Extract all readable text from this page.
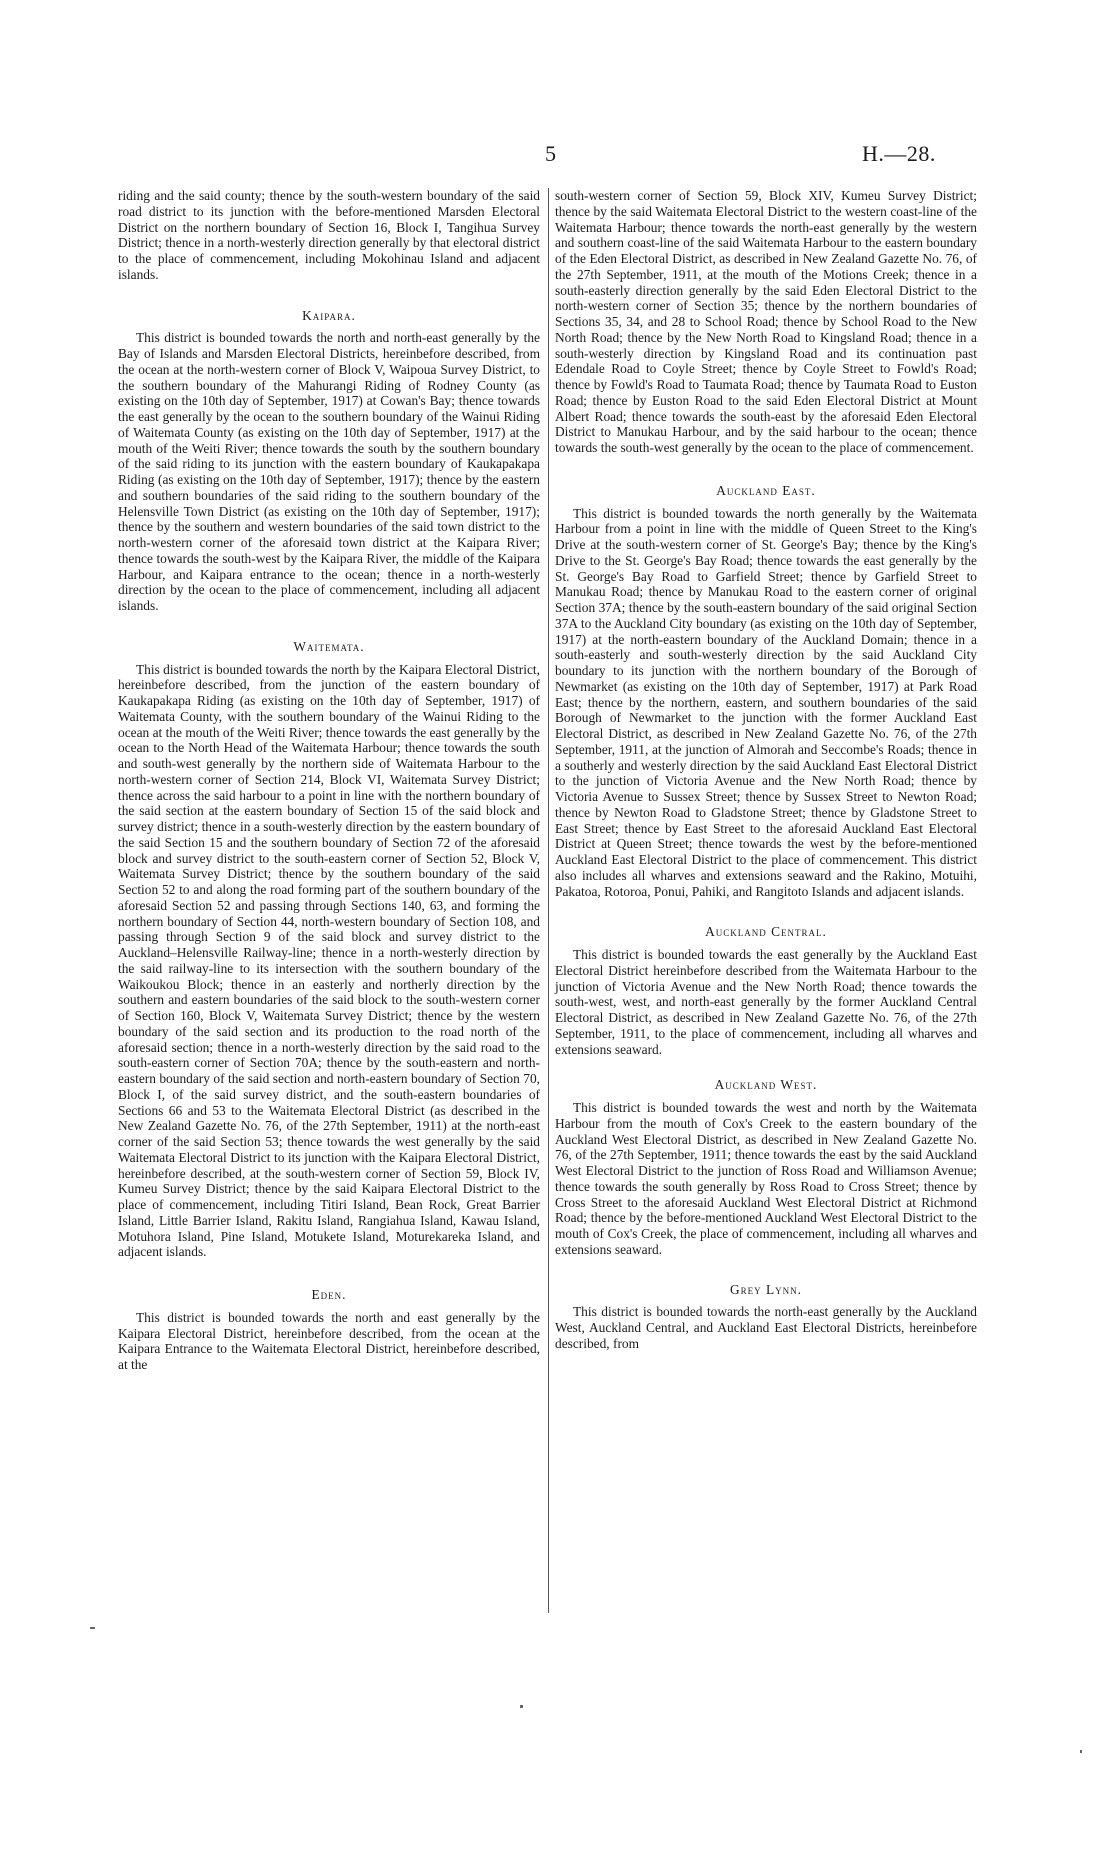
5	H.—28.

riding and the said county; thence by the south-western boundary of the said road district to its junction with the before-mentioned Marsden Electoral District on the northern boundary of Section 16, Block I, Tangihua Survey District; thence in a north-westerly direction generally by that electoral district to the place of commencement, including Mokohinau Island and adjacent islands.

Kaipara.

This district is bounded towards the north and north-east generally by the Bay of Islands and Marsden Electoral Districts, hereinbefore described, from the ocean at the north-western corner of Block V, Waipoua Survey District, to the southern boundary of the Mahurangi Riding of Rodney County (as existing on the 10th day of September, 1917) at Cowan's Bay; thence towards the east generally by the ocean to the southern boundary of the Wainui Riding of Waitemata County (as existing on the 10th day of September, 1917) at the mouth of the Weiti River; thence towards the south by the southern boundary of the said riding to its junction with the eastern boundary of Kaukapakapa Riding (as existing on the 10th day of September, 1917); thence by the eastern and southern boundaries of the said riding to the southern boundary of the Helensville Town District (as existing on the 10th day of September, 1917); thence by the southern and western boundaries of the said town district to the north-western corner of the aforesaid town district at the Kaipara River; thence towards the south-west by the Kaipara River, the middle of the Kaipara Harbour, and Kaipara entrance to the ocean; thence in a north-westerly direction by the ocean to the place of commencement, including all adjacent islands.

Waitemata.

This district is bounded towards the north by the Kaipara Electoral District, hereinbefore described, from the junction of the eastern boundary of Kaukapakapa Riding (as existing on the 10th day of September, 1917) of Waitemata County, with the southern boundary of the Wainui Riding to the ocean at the mouth of the Weiti River; thence towards the east generally by the ocean to the North Head of the Waitemata Harbour; thence towards the south and south-west generally by the northern side of Waitemata Harbour to the north-western corner of Section 214, Block VI, Waitemata Survey District; thence across the said harbour to a point in line with the northern boundary of the said section at the eastern boundary of Section 15 of the said block and survey district; thence in a south-westerly direction by the eastern boundary of the said Section 15 and the southern boundary of Section 72 of the aforesaid block and survey district to the south-eastern corner of Section 52, Block V, Waitemata Survey District; thence by the southern boundary of the said Section 52 to and along the road forming part of the southern boundary of the aforesaid Section 52 and passing through Sections 140, 63, and forming the northern boundary of Section 44, north-western boundary of Section 108, and passing through Section 9 of the said block and survey district to the Auckland–Helensville Railway-line; thence in a north-westerly direction by the said railway-line to its intersection with the southern boundary of the Waikoukou Block; thence in an easterly and northerly direction by the southern and eastern boundaries of the said block to the south-western corner of Section 160, Block V, Waitemata Survey District; thence by the western boundary of the said section and its production to the road north of the aforesaid section; thence in a north-westerly direction by the said road to the south-eastern corner of Section 70A; thence by the south-eastern and north-eastern boundary of the said section and north-eastern boundary of Section 70, Block I, of the said survey district, and the south-eastern boundaries of Sections 66 and 53 to the Waitemata Electoral District (as described in the New Zealand Gazette No. 76, of the 27th September, 1911) at the north-east corner of the said Section 53; thence towards the west generally by the said Waitemata Electoral District to its junction with the Kaipara Electoral District, hereinbefore described, at the south-western corner of Section 59, Block IV, Kumeu Survey District; thence by the said Kaipara Electoral District to the place of commencement, including Titiri Island, Bean Rock, Great Barrier Island, Little Barrier Island, Rakitu Island, Rangiahua Island, Kawau Island, Motuhora Island, Pine Island, Motukete Island, Moturekareka Island, and adjacent islands.

Eden.

This district is bounded towards the north and east generally by the Kaipara Electoral District, hereinbefore described, from the ocean at the Kaipara Entrance to the Waitemata Electoral District, hereinbefore described, at the

south-western corner of Section 59, Block XIV, Kumeu Survey District; thence by the said Waitemata Electoral District to the western coast-line of the Waitemata Harbour; thence towards the north-east generally by the western and southern coast-line of the said Waitemata Harbour to the eastern boundary of the Eden Electoral District, as described in New Zealand Gazette No. 76, of the 27th September, 1911, at the mouth of the Motions Creek; thence in a south-easterly direction generally by the said Eden Electoral District to the north-western corner of Section 35; thence by the northern boundaries of Sections 35, 34, and 28 to School Road; thence by School Road to the New North Road; thence by the New North Road to Kingsland Road; thence in a south-westerly direction by Kingsland Road and its continuation past Edendale Road to Coyle Street; thence by Coyle Street to Fowld's Road; thence by Fowld's Road to Taumata Road; thence by Taumata Road to Euston Road; thence by Euston Road to the said Eden Electoral District at Mount Albert Road; thence towards the south-east by the aforesaid Eden Electoral District to Manukau Harbour, and by the said harbour to the ocean; thence towards the south-west generally by the ocean to the place of commencement.

Auckland East.

This district is bounded towards the north generally by the Waitemata Harbour from a point in line with the middle of Queen Street to the King's Drive at the south-western corner of St. George's Bay; thence by the King's Drive to the St. George's Bay Road; thence towards the east generally by the St. George's Bay Road to Garfield Street; thence by Garfield Street to Manukau Road; thence by Manukau Road to the eastern corner of original Section 37A; thence by the south-eastern boundary of the said original Section 37A to the Auckland City boundary (as existing on the 10th day of September, 1917) at the north-eastern boundary of the Auckland Domain; thence in a south-easterly and south-westerly direction by the said Auckland City boundary to its junction with the northern boundary of the Borough of Newmarket (as existing on the 10th day of September, 1917) at Park Road East; thence by the northern, eastern, and southern boundaries of the said Borough of Newmarket to the junction with the former Auckland East Electoral District, as described in New Zealand Gazette No. 76, of the 27th September, 1911, at the junction of Almorah and Seccombe's Roads; thence in a southerly and westerly direction by the said Auckland East Electoral District to the junction of Victoria Avenue and the New North Road; thence by Victoria Avenue to Sussex Street; thence by Sussex Street to Newton Road; thence by Newton Road to Gladstone Street; thence by Gladstone Street to East Street; thence by East Street to the aforesaid Auckland East Electoral District at Queen Street; thence towards the west by the before-mentioned Auckland East Electoral District to the place of commencement. This district also includes all wharves and extensions seaward and the Rakino, Motuihi, Pakatoa, Rotoroa, Ponui, Pahiki, and Rangitoto Islands and adjacent islands.

Auckland Central.

This district is bounded towards the east generally by the Auckland East Electoral District hereinbefore described from the Waitemata Harbour to the junction of Victoria Avenue and the New North Road; thence towards the south-west, west, and north-east generally by the former Auckland Central Electoral District, as described in New Zealand Gazette No. 76, of the 27th September, 1911, to the place of commencement, including all wharves and extensions seaward.

Auckland West.

This district is bounded towards the west and north by the Waitemata Harbour from the mouth of Cox's Creek to the eastern boundary of the Auckland West Electoral District, as described in New Zealand Gazette No. 76, of the 27th September, 1911; thence towards the east by the said Auckland West Electoral District to the junction of Ross Road and Williamson Avenue; thence towards the south generally by Ross Road to Cross Street; thence by Cross Street to the aforesaid Auckland West Electoral District at Richmond Road; thence by the before-mentioned Auckland West Electoral District to the mouth of Cox's Creek, the place of commencement, including all wharves and extensions seaward.

Grey Lynn.

This district is bounded towards the north-east generally by the Auckland West, Auckland Central, and Auckland East Electoral Districts, hereinbefore described, from
